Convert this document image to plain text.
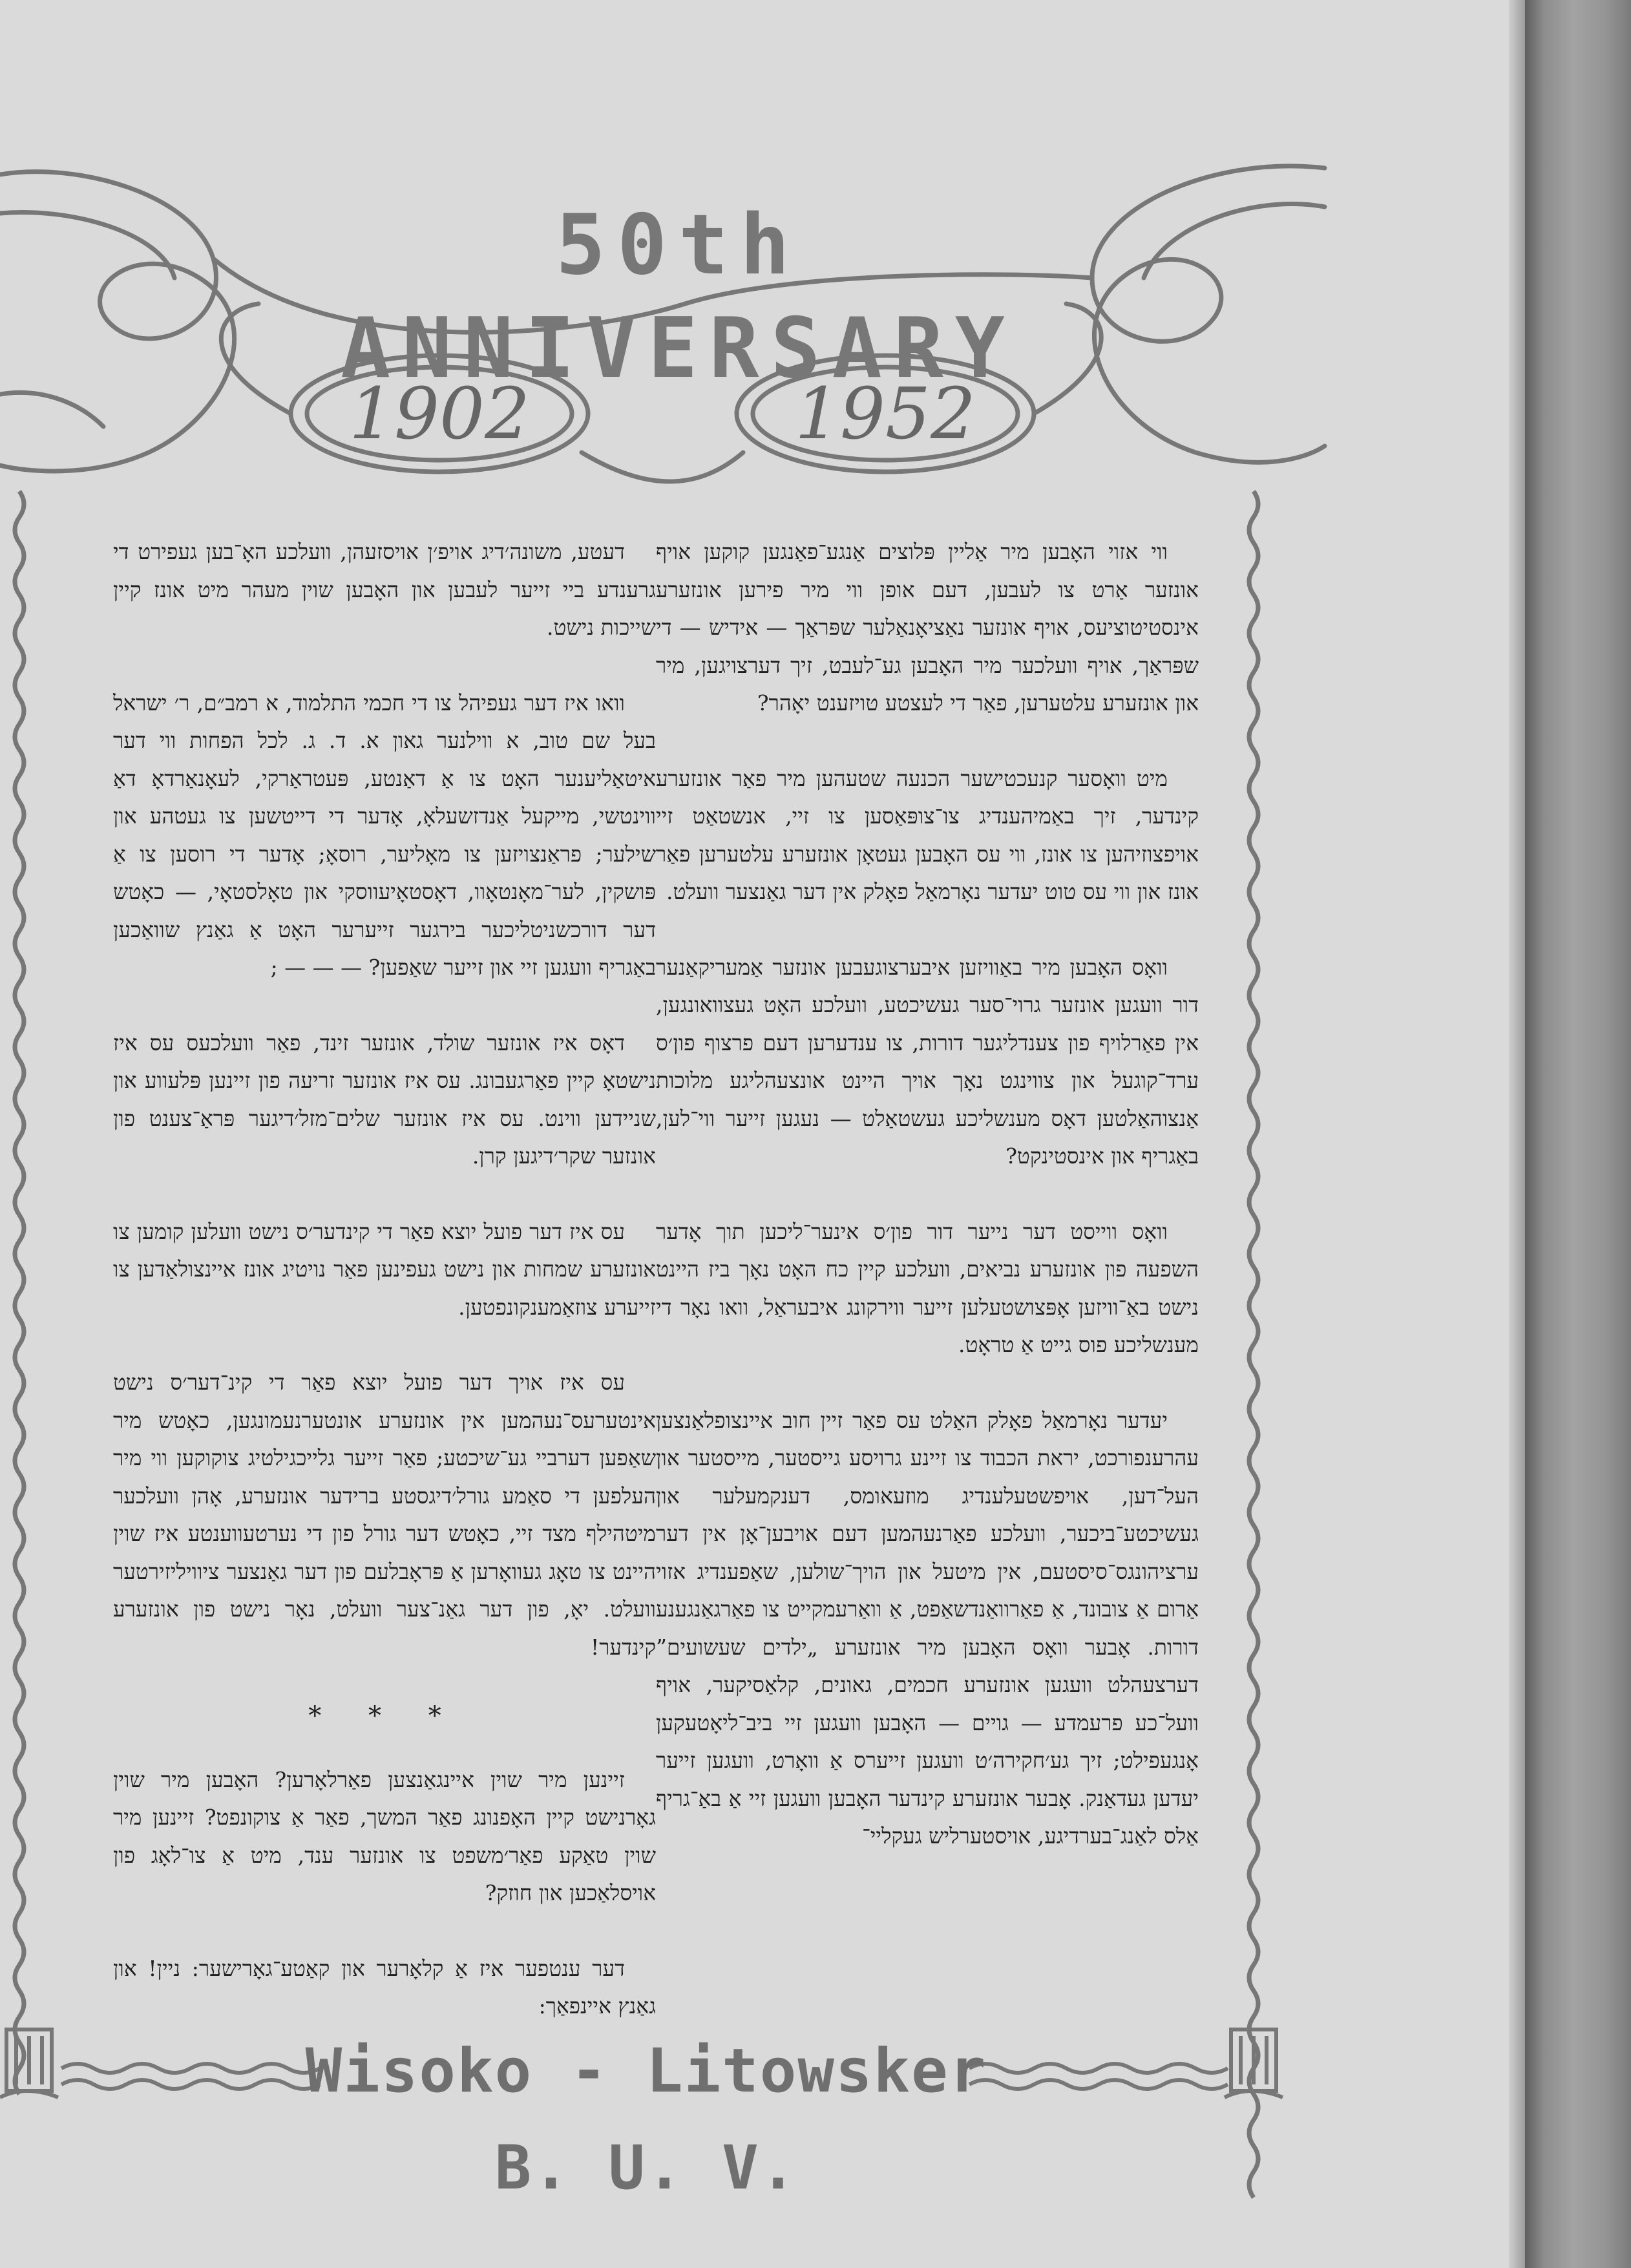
50th ANNIVERSARY
1902	1952

ווי אזוי האָבען מיר אַליין פּלוצים אַנגע־פאַנגען קוקען אויף אונזער אַרט צו לעבען, דעם אופן ווי מיר פירען אונזערע אינסטיטוציעס, אויף אונזער נאַציאָנאַלער שפּראַך — אידיש — די שפּראַך, אויף וועלכער מיר האָבען גע־לעבט, זיך דערצויגען, מיר און אונזערע עלטערען, פאַר די לעצטע טויזענט יאָהר?

מיט וואָסער קנעכטישער הכנעה שטעהען מיר פאַר אונזערע קינדער, זיך באַמיהענדיג צו־צופּאַסען צו זיי, אנשטאַט זיי אויפצוזיהען צו אונז, ווי עס האָבען געטאָן אונזערע עלטערען פאַר אונז און ווי עס טוט יעדער נאָרמאַל פאָלק אין דער גאַנצער וועלט.

וואָס האָבען מיר באַוויזען איבערצוגעבען אונזער אַמעריקאַנער דור וועגען אונזער גרוי־סער געשיכטע, וועלכע האָט געצוואונגען, אין פאַרלויף פון צענדליגער דורות, צו ענדערען דעם פרצוף פון׳ס ערד־קוגעל און צווינגט נאָך אויך היינט אונצעהליגע מלוכות אַנצוהאַלטען דאָס מענשליכע געשטאַלט — נעגען זייער ווי־לען, באַגריף און אינסטינקט?

וואָס ווייסט דער נייער דור פון׳ס אינער־ליכען תוך אָדער השפעה פון אונזערע נביאים, וועלכע קיין כח האָט נאָך ביז היינט נישט באַ־וויזען אָפּצושטעלען זייער ווירקונג איבעראַל, וואו נאָר די מענשליכע פוס גייט אַ טראָט.

יעדער נאָרמאַל פאָלק האַלט עס פאַר זיין חוב איינצופלאַנצען עהרענפורכט, יראת הכבוד צו זיינע גרויסע גייסטער, מייסטער און העל־דען, אויפשטעלענדיג מוזעאומס, דענקמעלער און געשיכטע־ביכער, וועלכע פאַרנעהמען דעם אויבען־אָן אין דער ערציהונגס־סיסטעם, אין מיטעל און הויך־שולען, שאַפענדיג אזוי אַרום אַ צובונד, אַ פאַרוואַנדשאַפט, אַ וואַרעמקייט צו פאַרגאַנגענע דורות. אָבער וואָס האָבען מיר אונזערע „ילדים שעשועים” דערצעהלט וועגען אונזערע חכמים, גאונים, קלאַסיקער, אויף וועל־כע פרעמדע — גויים — האָבען וועגען זיי ביב־ליאָטעקען אָנגעפילט; זיך גע׳חקירה׳ט וועגען זייערס אַ וואָרט, וועגען זייער יעדען געדאַנק. אָבער אונזערע קינדער האָבען וועגען זיי אַ באַ־גריף אַלס לאַנג־בערדיגע, אויסטערליש געקליי־

דעטע, משונה׳דיג אויפ׳ן אויסזעהן, וועלכע האָ־בען געפירט די גרענדע ביי זייער לעבען און האָבען שוין מעהר מיט אונז קיין שייכות נישט.

וואו איז דער געפיהל צו די חכמי התלמוד, א רמב״ם, ר׳ ישראל בעל שם טוב, א ווילנער גאון א. ד. ג. לכל הפחות ווי דער איטאַליענער האָט צו אַ דאַנטע, פּעטראַרקי, לעאָנאַרדאָ דאַ ווינטשי, מייקעל אַנדזשעלאָ, אָדער די דייטשען צו געטהע און שילער; פראַנצויזען צו מאָליער, רוסאָ; אָדער די רוסען צו אַ פּושקין, לער־מאָנטאָוו, דאָסטאָיעווסקי און טאָלסטאָי, — כאָטש דער דורכשניטליכער בירגער זייערער האָט אַ גאַנץ שוואַכען באַגריף וועגען זיי און זייער שאַפען? — — — ;

דאָס איז אונזער שולד, אונזער זינד, פאַר וועלכעס עס איז נישטאָ קיין פאַרגעבונג. עס איז אונזער זריעה פון זיינען פּלעווע און שניידען ווינט. עס איז אונזער שלים־מזל׳דיגער פּראַ־צענט פון אונזער שקר׳דיגען קרן.

עס איז דער פועל יוצא פאַר די קינדער׳ס נישט וועלען קומען צו אונזערע שמחות און נישט געפינען פאַר נויטיג אונז איינצולאַדען צו זייערע צוזאַמענקונפטען.

עס איז אויך דער פועל יוצא פאַר די קינ־דער׳ס נישט אינטערעס־נעהמען אין אונזערע אונטערנעמונגען, כאָטש מיר שאַפען דערביי גע־שיכטע; פאַר זייער גלייכגילטיג צוקוקען ווי מיר העלפען די סאַמע גורל׳דיגסטע ברידער אונזערע, אָהן וועלכער מיטהילף מצד זיי, כאָטש דער גורל פון די נערטעווענטע איז שוין היינט צו טאָג געוואָרען אַ פּראָבלעם פון דער גאַנצער ציוויליזירטער וועלט. יאָ, פון דער גאַנ־צער וועלט, נאָר נישט פון אונזערע קינדער!

* * *

זיינען מיר שוין איינגאַנצען פאַרלאָרען? האָבען מיר שוין גאָרנישט קיין האָפנונג פאַר המשך, פאַר אַ צוקונפט? זיינען מיר שוין טאַקע פאַר׳משפט צו אונזער ענד, מיט אַ צו־לאָג פון אויסלאַכען און חוזק?

דער ענטפער איז אַ קלאָרער און קאַטע־גאָרישער: ניין! און גאַנץ איינפאַך:

Wisoko - Litowsker B. U. V.
